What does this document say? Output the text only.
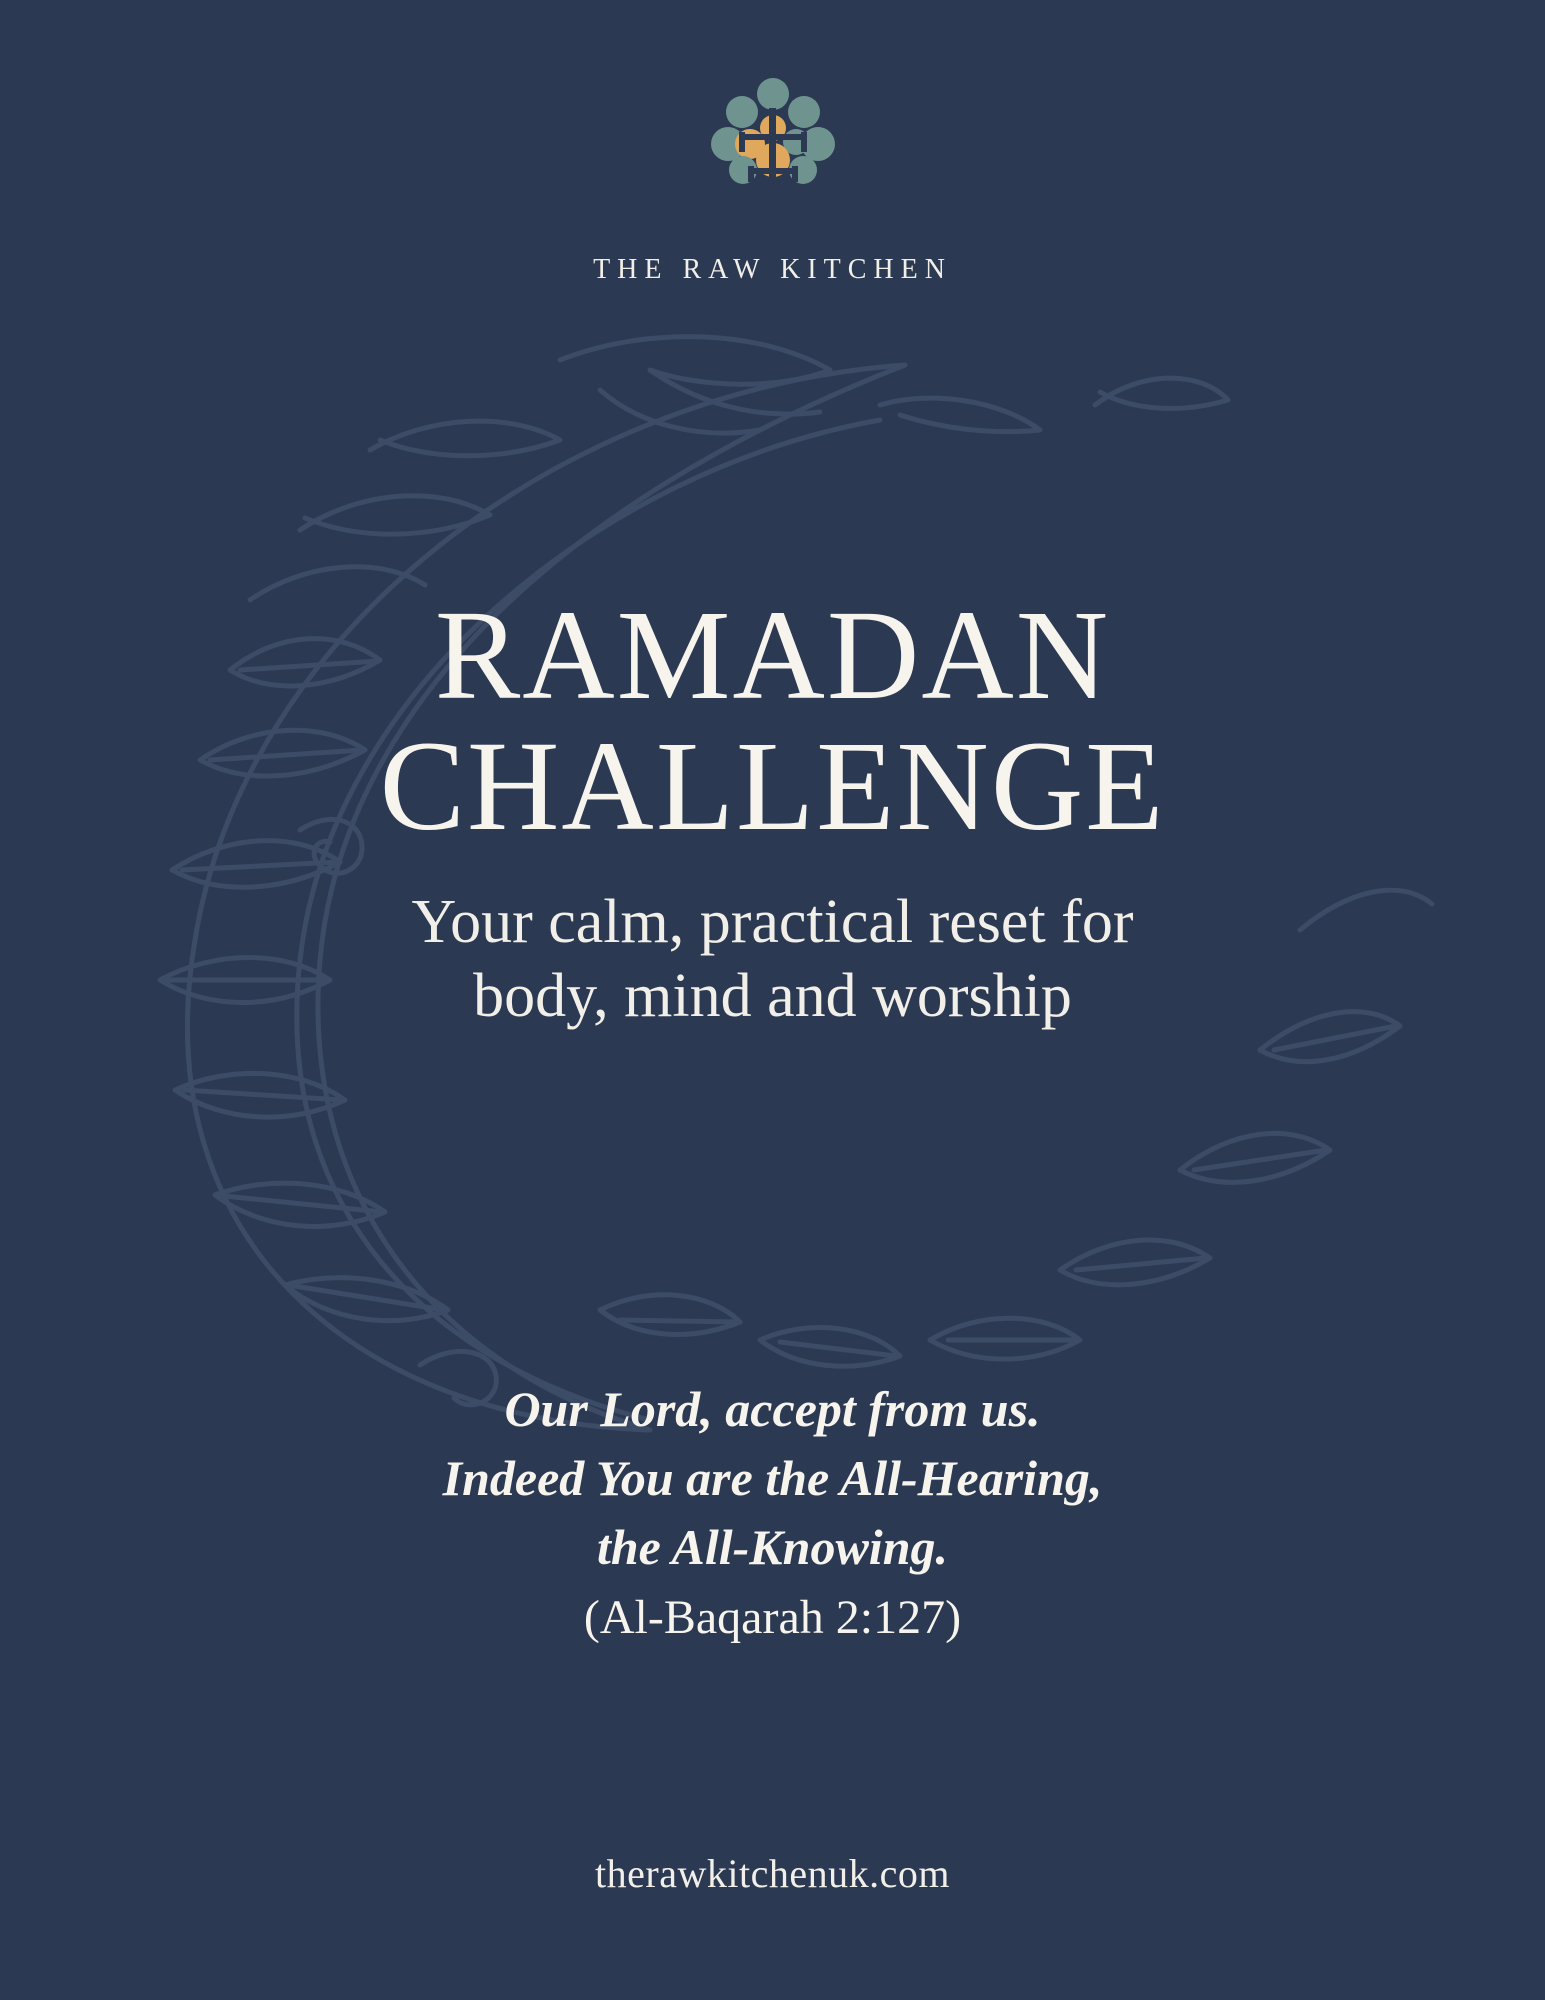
THE RAW KITCHEN
RAMADAN
CHALLENGE
Your calm, practical reset for
body, mind and worship
Our Lord, accept from us.
Indeed You are the All-Hearing,
the All-Knowing.
(Al-Baqarah 2:127)
therawkitchenuk.com
